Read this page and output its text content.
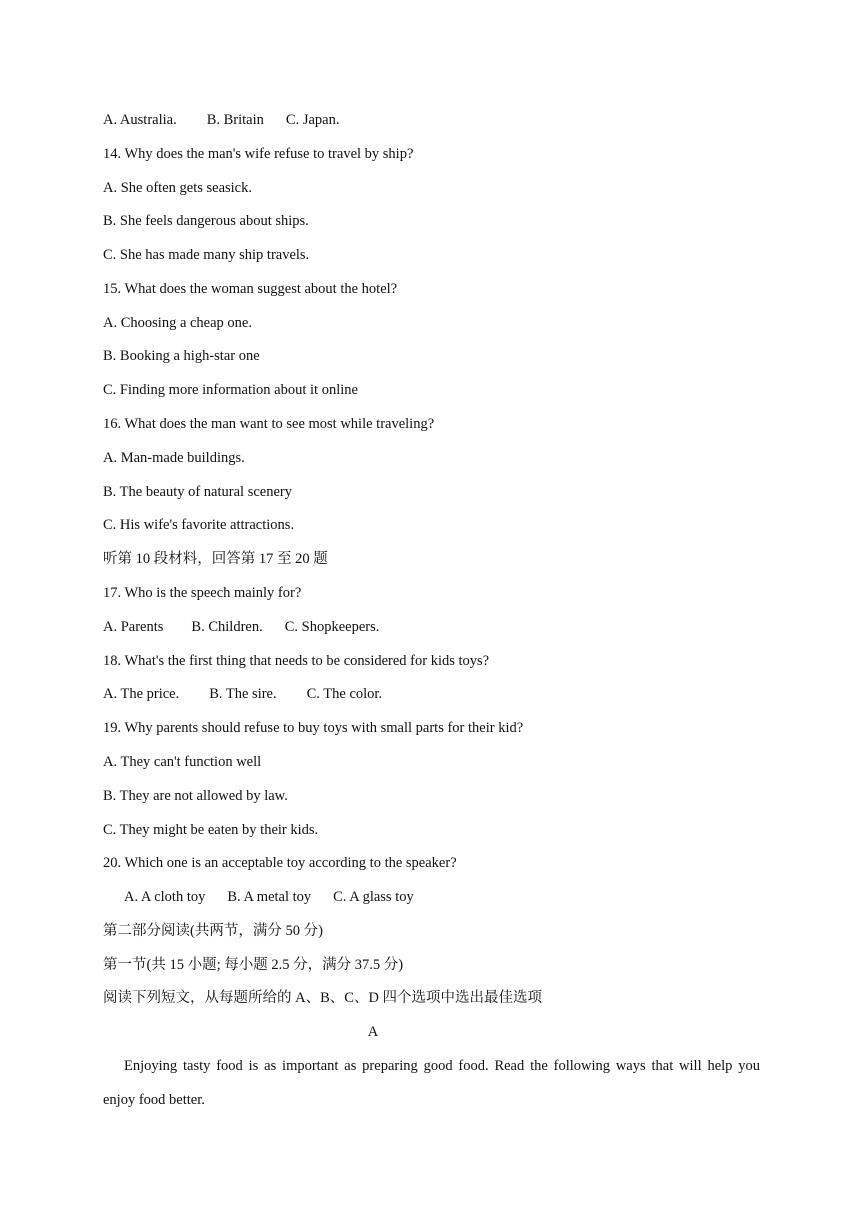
A. Australia. B. Britain C. Japan.
14. Why does the man's wife refuse to travel by ship?
A. She often gets seasick.
B. She feels dangerous about ships.
C. She has made many ship travels.
15. What does the woman suggest about the hotel?
A. Choosing a cheap one.
B. Booking a high-star one
C. Finding more information about it online
16. What does the man want to see most while traveling?
A. Man-made buildings.
B. The beauty of natural scenery
C. His wife's favorite attractions.
听第 10 段材料，回答第 17 至 20 题
17. Who is the speech mainly for?
A. Parents B. Children. C. Shopkeepers.
18. What's the first thing that needs to be considered for kids toys?
A. The price. B. The sire. C. The color.
19. Why parents should refuse to buy toys with small parts for their kid?
A. They can't function well
B. They are not allowed by law.
C. They might be eaten by their kids.
20. Which one is an acceptable toy according to the speaker?
A. A cloth toy B. A metal toy C. A glass toy
第二部分阅读(共两节，满分 50 分)
第一节(共 15 小题; 每小题 2.5 分，满分 37.5 分)
阅读下列短文，从每题所给的 A、B、C、D 四个选项中选出最佳选项
A
Enjoying tasty food is as important as preparing good food. Read the following ways that will help you
enjoy food better.
